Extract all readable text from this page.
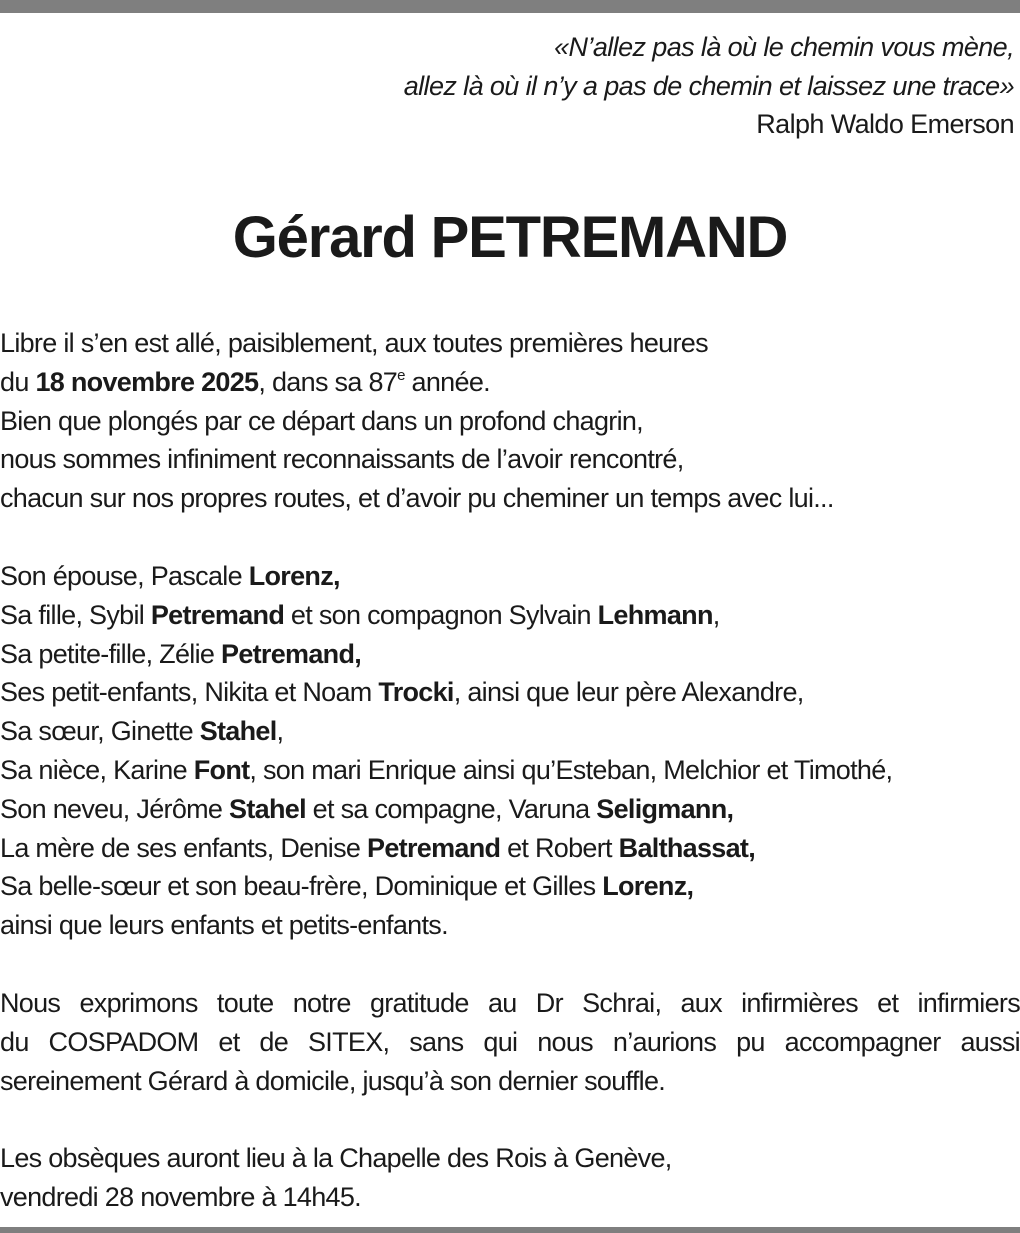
«N’allez pas là où le chemin vous mène,
allez là où il n’y a pas de chemin et laissez une trace»
Ralph Waldo Emerson
Gérard PETREMAND
Libre il s’en est allé, paisiblement, aux toutes premières heures
du 18 novembre 2025, dans sa 87e année.
Bien que plongés par ce départ dans un profond chagrin,
nous sommes infiniment reconnaissants de l’avoir rencontré,
chacun sur nos propres routes, et d’avoir pu cheminer un temps avec lui...
Son épouse, Pascale Lorenz,
Sa fille, Sybil Petremand et son compagnon Sylvain Lehmann,
Sa petite-fille, Zélie Petremand,
Ses petit-enfants, Nikita et Noam Trocki, ainsi que leur père Alexandre,
Sa sœur, Ginette Stahel,
Sa nièce, Karine Font, son mari Enrique ainsi qu’Esteban, Melchior et Timothé,
Son neveu, Jérôme Stahel et sa compagne, Varuna Seligmann,
La mère de ses enfants, Denise Petremand et Robert Balthassat,
Sa belle-sœur et son beau-frère, Dominique et Gilles Lorenz,
ainsi que leurs enfants et petits-enfants.
Nous exprimons toute notre gratitude au Dr Schrai, aux infirmières et infirmiers
du COSPADOM et de SITEX, sans qui nous n’aurions pu accompagner aussi
sereinement Gérard à domicile, jusqu’à son dernier souffle.
Les obsèques auront lieu à la Chapelle des Rois à Genève,
vendredi 28 novembre à 14h45.
